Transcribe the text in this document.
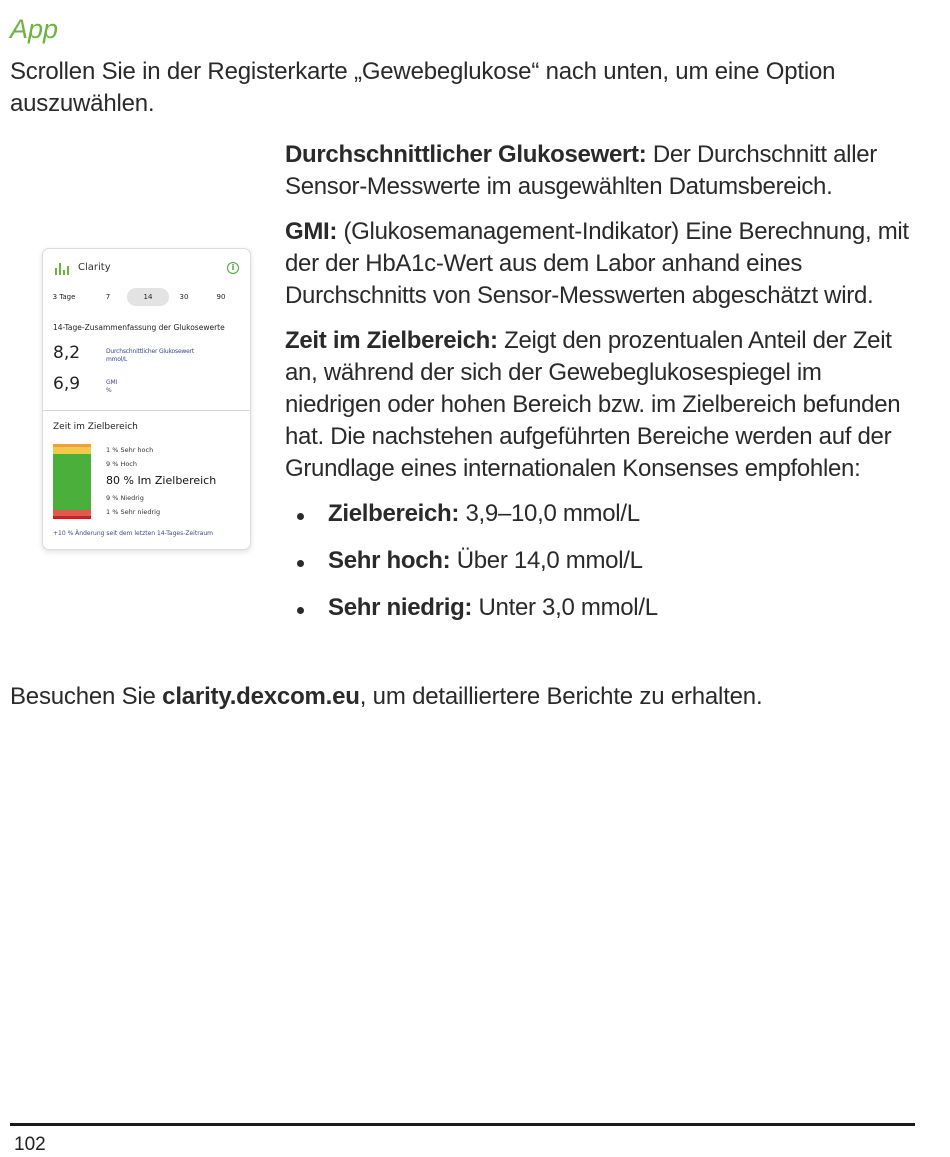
App
Scrollen Sie in der Registerkarte „Gewebeglukose“ nach unten, um eine Option auszuwählen.
Clarity	i
3 Tage	7	14	30	90
14-Tage-Zusammenfassung der Glukosewerte
8,2	Durchschnittlicher Glukosewert
mmol/L
6,9	GMI
%
Zeit im Zielbereich
1 % Sehr hoch
9 % Hoch
80 % Im Zielbereich
9 % Niedrig
1 % Sehr niedrig
+10 % Änderung seit dem letzten 14-Tages-Zeitraum

Durchschnittlicher Glukosewert: Der Durchschnitt aller Sensor-Messwerte im ausgewählten Datumsbereich.

GMI: (Glukosemanagement-Indikator) Eine Berechnung, mit der der HbA1c-Wert aus dem Labor anhand eines Durchschnitts von Sensor-Messwerten abgeschätzt wird.

Zeit im Zielbereich: Zeigt den prozentualen Anteil der Zeit an, während der sich der Gewebeglukosespiegel im niedrigen oder hohen Bereich bzw. im Zielbereich befunden hat. Die nachstehen aufgeführten Bereiche werden auf der Grundlage eines internationalen Konsenses empfohlen:

Zielbereich: 3,9–10,0 mmol/L
Sehr hoch: Über 14,0 mmol/L
Sehr niedrig: Unter 3,0 mmol/L
Besuchen Sie clarity.dexcom.eu, um detailliertere Berichte zu erhalten.
102
